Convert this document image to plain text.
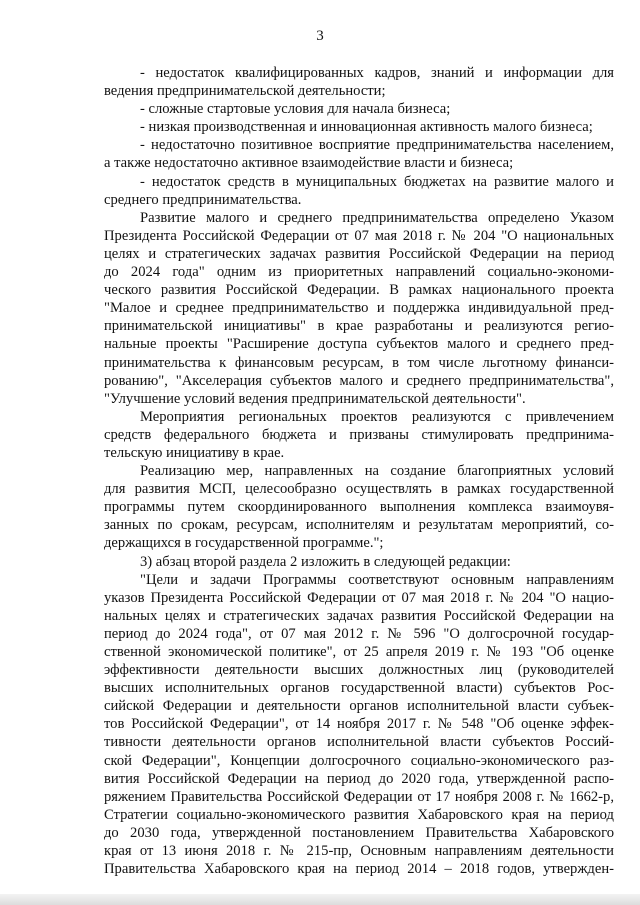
3
- недостаток квалифицированных кадров, знаний и информации для
ведения предпринимательской деятельности;
- сложные стартовые условия для начала бизнеса;
- низкая производственная и инновационная активность малого бизнеса;
- недостаточно позитивное восприятие предпринимательства населением,
а также недостаточно активное взаимодействие власти и бизнеса;
- недостаток средств в муниципальных бюджетах на развитие малого и
среднего предпринимательства.
Развитие малого и среднего предпринимательства определено Указом
Президента Российской Федерации от 07 мая 2018 г. № 204 "О национальных
целях и стратегических задачах развития Российской Федерации на период
до 2024 года" одним из приоритетных направлений социально-экономи-
ческого развития Российской Федерации. В рамках национального проекта
"Малое и среднее предпринимательство и поддержка индивидуальной пред-
принимательской инициативы" в крае разработаны и реализуются регио-
нальные проекты "Расширение доступа субъектов малого и среднего пред-
принимательства к финансовым ресурсам, в том числе льготному финанси-
рованию", "Акселерация субъектов малого и среднего предпринимательства",
"Улучшение условий ведения предпринимательской деятельности".
Мероприятия региональных проектов реализуются с привлечением
средств федерального бюджета и призваны стимулировать предпринима-
тельскую инициативу в крае.
Реализацию мер, направленных на создание благоприятных условий
для развития МСП, целесообразно осуществлять в рамках государственной
программы путем скоординированного выполнения комплекса взаимоувя-
занных по срокам, ресурсам, исполнителям и результатам мероприятий, со-
держащихся в государственной программе.";
3) абзац второй раздела 2 изложить в следующей редакции:
"Цели и задачи Программы соответствуют основным направлениям
указов Президента Российской Федерации от 07 мая 2018 г. № 204 "О нацио-
нальных целях и стратегических задачах развития Российской Федерации на
период до 2024 года", от 07 мая 2012 г. № 596 "О долгосрочной государ-
ственной экономической политике", от 25 апреля 2019 г. № 193 "Об оценке
эффективности деятельности высших должностных лиц (руководителей
высших исполнительных органов государственной власти) субъектов Рос-
сийской Федерации и деятельности органов исполнительной власти субъек-
тов Российской Федерации", от 14 ноября 2017 г. № 548 "Об оценке эффек-
тивности деятельности органов исполнительной власти субъектов Россий-
ской Федерации", Концепции долгосрочного социально-экономического раз-
вития Российской Федерации на период до 2020 года, утвержденной распо-
ряжением Правительства Российской Федерации от 17 ноября 2008 г. № 1662-р,
Стратегии социально-экономического развития Хабаровского края на период
до 2030 года, утвержденной постановлением Правительства Хабаровского
края от 13 июня 2018 г. № 215-пр, Основным направлениям деятельности
Правительства Хабаровского края на период 2014 – 2018 годов, утвержден-
